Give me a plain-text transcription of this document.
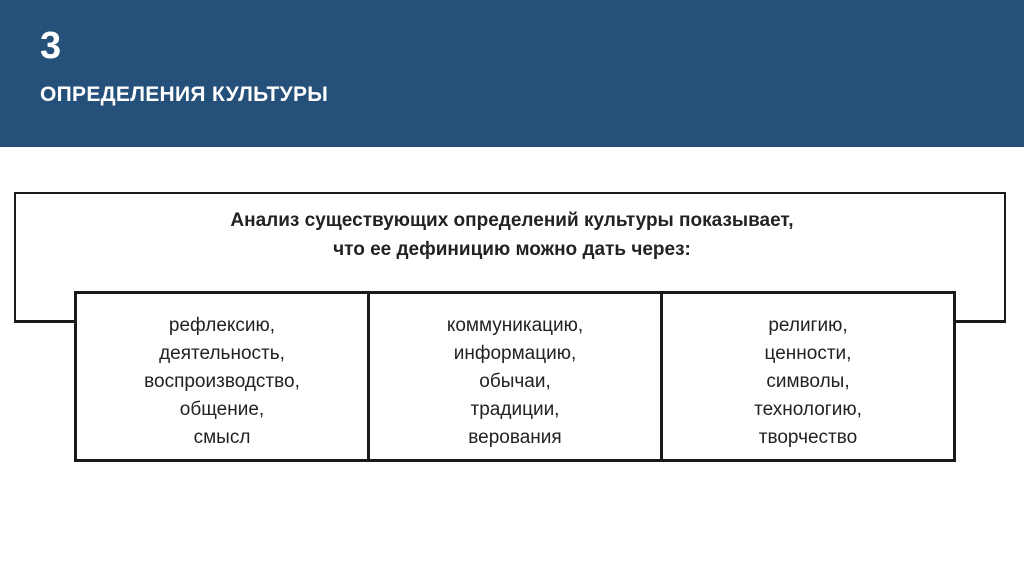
3
ОПРЕДЕЛЕНИЯ КУЛЬТУРЫ
Анализ существующих определений культуры показывает,
что ее дефиницию можно дать через:
рефлексию,
деятельность,
воспроизводство,
общение,
смысл
коммуникацию,
информацию,
обычаи,
традиции,
верования
религию,
ценности,
символы,
технологию,
творчество
